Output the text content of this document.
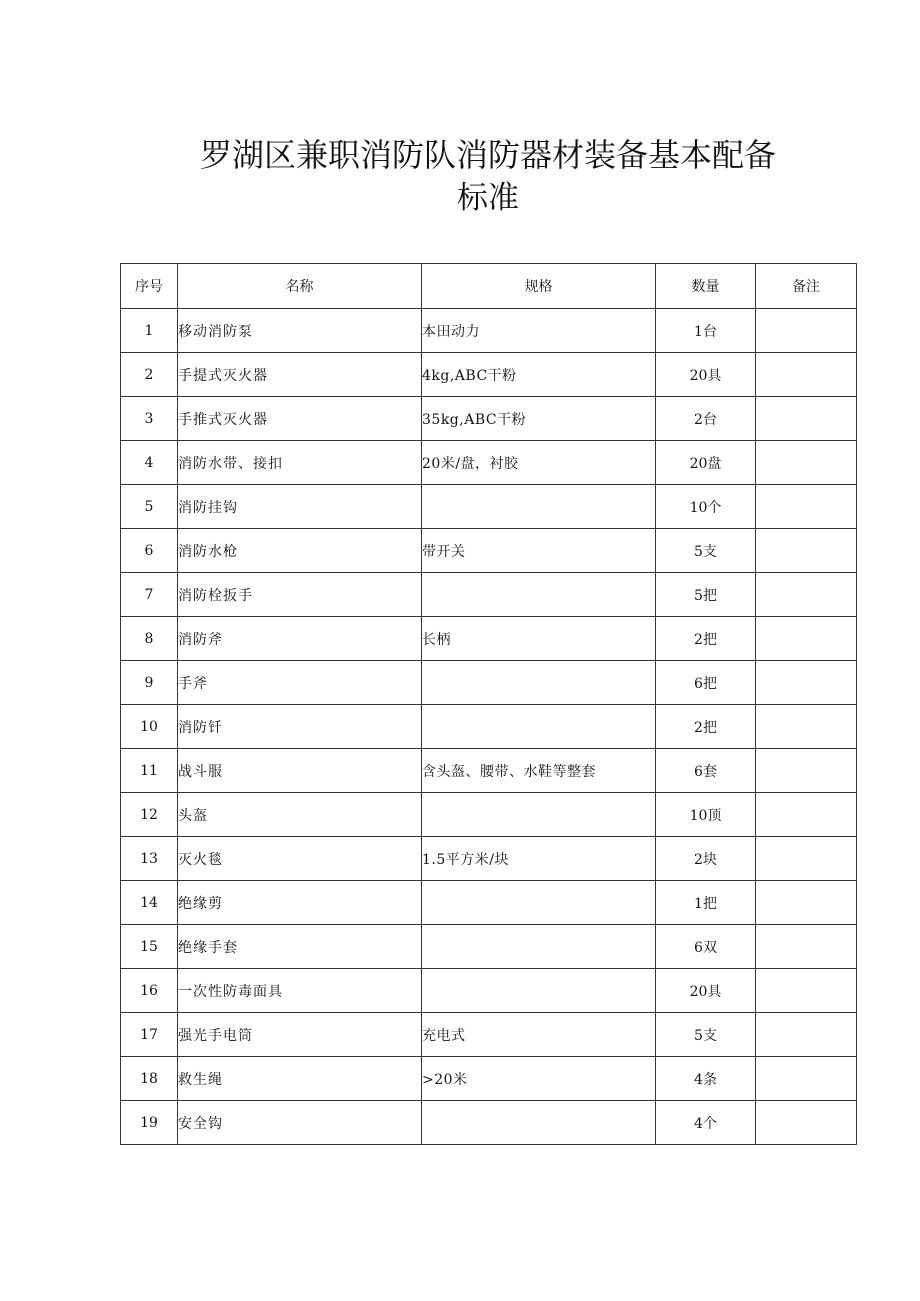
罗湖区兼职消防队消防器材装备基本配备
标准
序号	名称	规格	数量	备注
1	移动消防泵	本田动力	1台	
2	手提式灭火器	4kg,ABC干粉	20具	
3	手推式灭火器	35kg,ABC干粉	2台	
4	消防水带、接扣	20米/盘，衬胶	20盘	
5	消防挂钩		10个	
6	消防水枪	带开关	5支	
7	消防栓扳手		5把	
8	消防斧	长柄	2把	
9	手斧		6把	
10	消防钎		2把	
11	战斗服	含头盔、腰带、水鞋等整套	6套	
12	头盔		10顶	
13	灭火毯	1.5平方米/块	2块	
14	绝缘剪		1把	
15	绝缘手套		6双	
16	一次性防毒面具		20具	
17	强光手电筒	充电式	5支	
18	救生绳	>20米	4条	
19	安全钩		4个	
